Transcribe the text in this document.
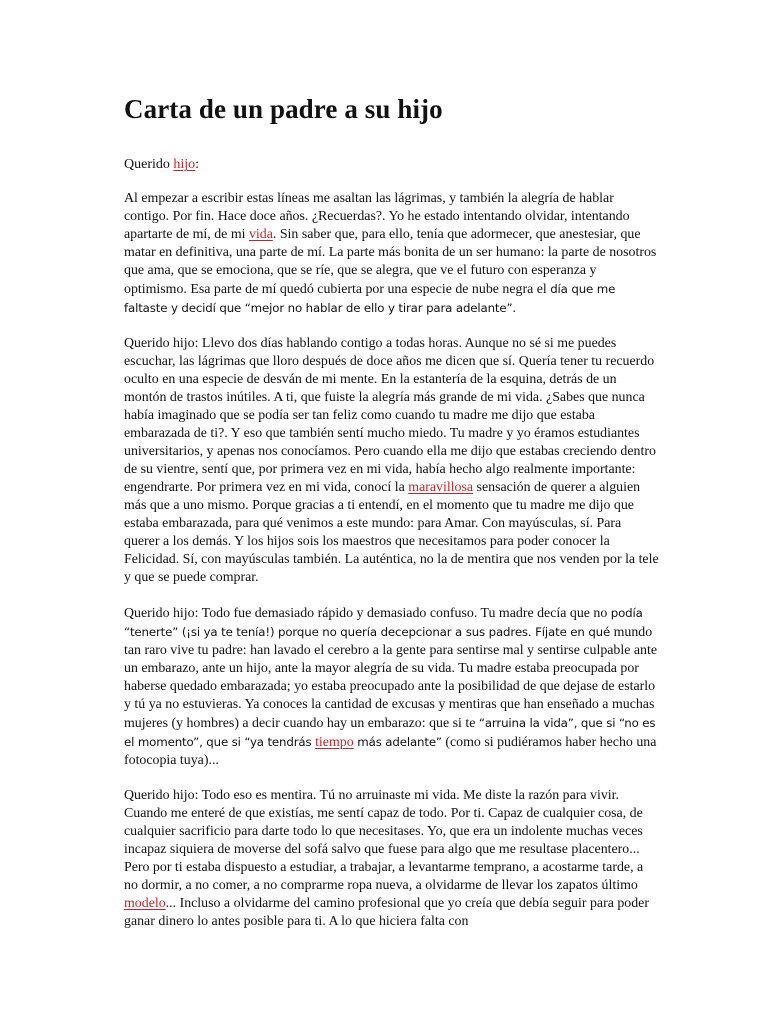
Carta de un padre a su hijo

Querido hijo:

Al empezar a escribir estas líneas me asaltan las lágrimas, y también la alegría de hablar contigo. Por fin. Hace doce años. ¿Recuerdas?. Yo he estado intentando olvidar, intentando apartarte de mí, de mi vida. Sin saber que, para ello, tenía que adormecer, que anestesiar, que matar en definitiva, una parte de mí. La parte más bonita de un ser humano: la parte de nosotros que ama, que se emociona, que se ríe, que se alegra, que ve el futuro con esperanza y optimismo. Esa parte de mí quedó cubierta por una especie de nube negra el día que me faltaste y decidí que “mejor no hablar de ello y tirar para adelante”.

Querido hijo: Llevo dos días hablando contigo a todas horas. Aunque no sé si me puedes escuchar, las lágrimas que lloro después de doce años me dicen que sí. Quería tener tu recuerdo oculto en una especie de desván de mi mente. En la estantería de la esquina, detrás de un montón de trastos inútiles. A ti, que fuiste la alegría más grande de mi vida. ¿Sabes que nunca había imaginado que se podía ser tan feliz como cuando tu madre me dijo que estaba embarazada de ti?. Y eso que también sentí mucho miedo. Tu madre y yo éramos estudiantes universitarios, y apenas nos conocíamos. Pero cuando ella me dijo que estabas creciendo dentro de su vientre, sentí que, por primera vez en mi vida, había hecho algo realmente importante: engendrarte. Por primera vez en mi vida, conocí la maravillosa sensación de querer a alguien más que a uno mismo. Porque gracias a ti entendí, en el momento que tu madre me dijo que estaba embarazada, para qué venimos a este mundo: para Amar. Con mayúsculas, sí. Para querer a los demás. Y los hijos sois los maestros que necesitamos para poder conocer la Felicidad. Sí, con mayúsculas también. La auténtica, no la de mentira que nos venden por la tele y que se puede comprar.

Querido hijo: Todo fue demasiado rápido y demasiado confuso. Tu madre decía que no podía “tenerte” (¡si ya te tenía!) porque no quería decepcionar a sus padres. Fíjate en qué mundo tan raro vive tu padre: han lavado el cerebro a la gente para sentirse mal y sentirse culpable ante un embarazo, ante un hijo, ante la mayor alegría de su vida. Tu madre estaba preocupada por haberse quedado embarazada; yo estaba preocupado ante la posibilidad de que dejase de estarlo y tú ya no estuvieras. Ya conoces la cantidad de excusas y mentiras que han enseñado a muchas mujeres (y hombres) a decir cuando hay un embarazo: que si te “arruina la vida”, que si “no es el momento”, que si “ya tendrás tiempo más adelante” (como si pudiéramos haber hecho una fotocopia tuya)...

Querido hijo: Todo eso es mentira. Tú no arruinaste mi vida. Me diste la razón para vivir. Cuando me enteré de que existías, me sentí capaz de todo. Por ti. Capaz de cualquier cosa, de cualquier sacrificio para darte todo lo que necesitases. Yo, que era un indolente muchas veces incapaz siquiera de moverse del sofá salvo que fuese para algo que me resultase placentero... Pero por ti estaba dispuesto a estudiar, a trabajar, a levantarme temprano, a acostarme tarde, a no dormir, a no comer, a no comprarme ropa nueva, a olvidarme de llevar los zapatos último modelo... Incluso a olvidarme del camino profesional que yo creía que debía seguir para poder ganar dinero lo antes posible para ti. A lo que hiciera falta con
